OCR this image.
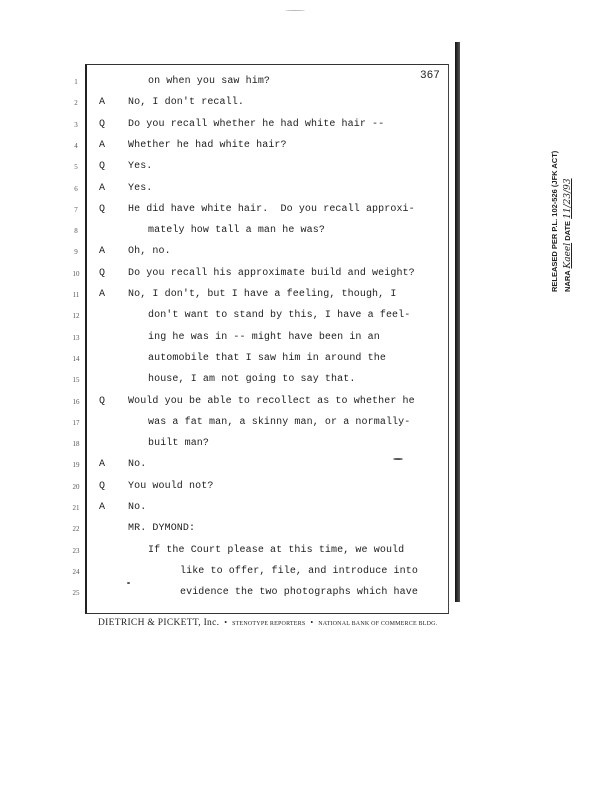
367
1	on when you saw him?
2	A	No, I don't recall.
3	Q	Do you recall whether he had white hair --
4	A	Whether he had white hair?
5	Q	Yes.
6	A	Yes.
7	Q	He did have white hair.  Do you recall approxi-
8	mately how tall a man he was?
9	A	Oh, no.
10	Q	Do you recall his approximate build and weight?
11	A	No, I don't, but I have a feeling, though, I
12	don't want to stand by this, I have a feel-
13	ing he was in -- might have been in an
14	automobile that I saw him in around the
15	house, I am not going to say that.
16	Q	Would you be able to recollect as to whether he
17	was a fat man, a skinny man, or a normally-
18	built man?
19	A	No.
20	Q	You would not?
21	A	No.
22	MR. DYMOND:
23	If the Court please at this time, we would
24	like to offer, file, and introduce into
25	evidence the two photographs which have
DIETRICH & PICKETT, Inc. • STENOTYPE REPORTERS • NATIONAL BANK OF COMMERCE BLDG.
RELEASED PER P.L. 102-526 (JFK ACT) NARA Kaeel DATE 11/23/93
